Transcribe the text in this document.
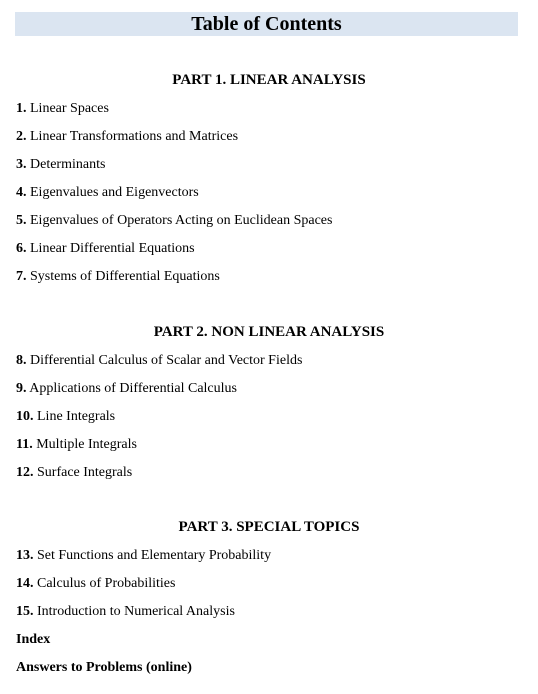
Table of Contents
PART 1. LINEAR ANALYSIS
1. Linear Spaces
2. Linear Transformations and Matrices
3. Determinants
4. Eigenvalues and Eigenvectors
5. Eigenvalues of Operators Acting on Euclidean Spaces
6. Linear Differential Equations
7. Systems of Differential Equations
PART 2. NON LINEAR ANALYSIS
8. Differential Calculus of Scalar and Vector Fields
9. Applications of Differential Calculus
10. Line Integrals
11. Multiple Integrals
12. Surface Integrals
PART 3. SPECIAL TOPICS
13. Set Functions and Elementary Probability
14. Calculus of Probabilities
15. Introduction to Numerical Analysis
Index
Answers to Problems (online)
